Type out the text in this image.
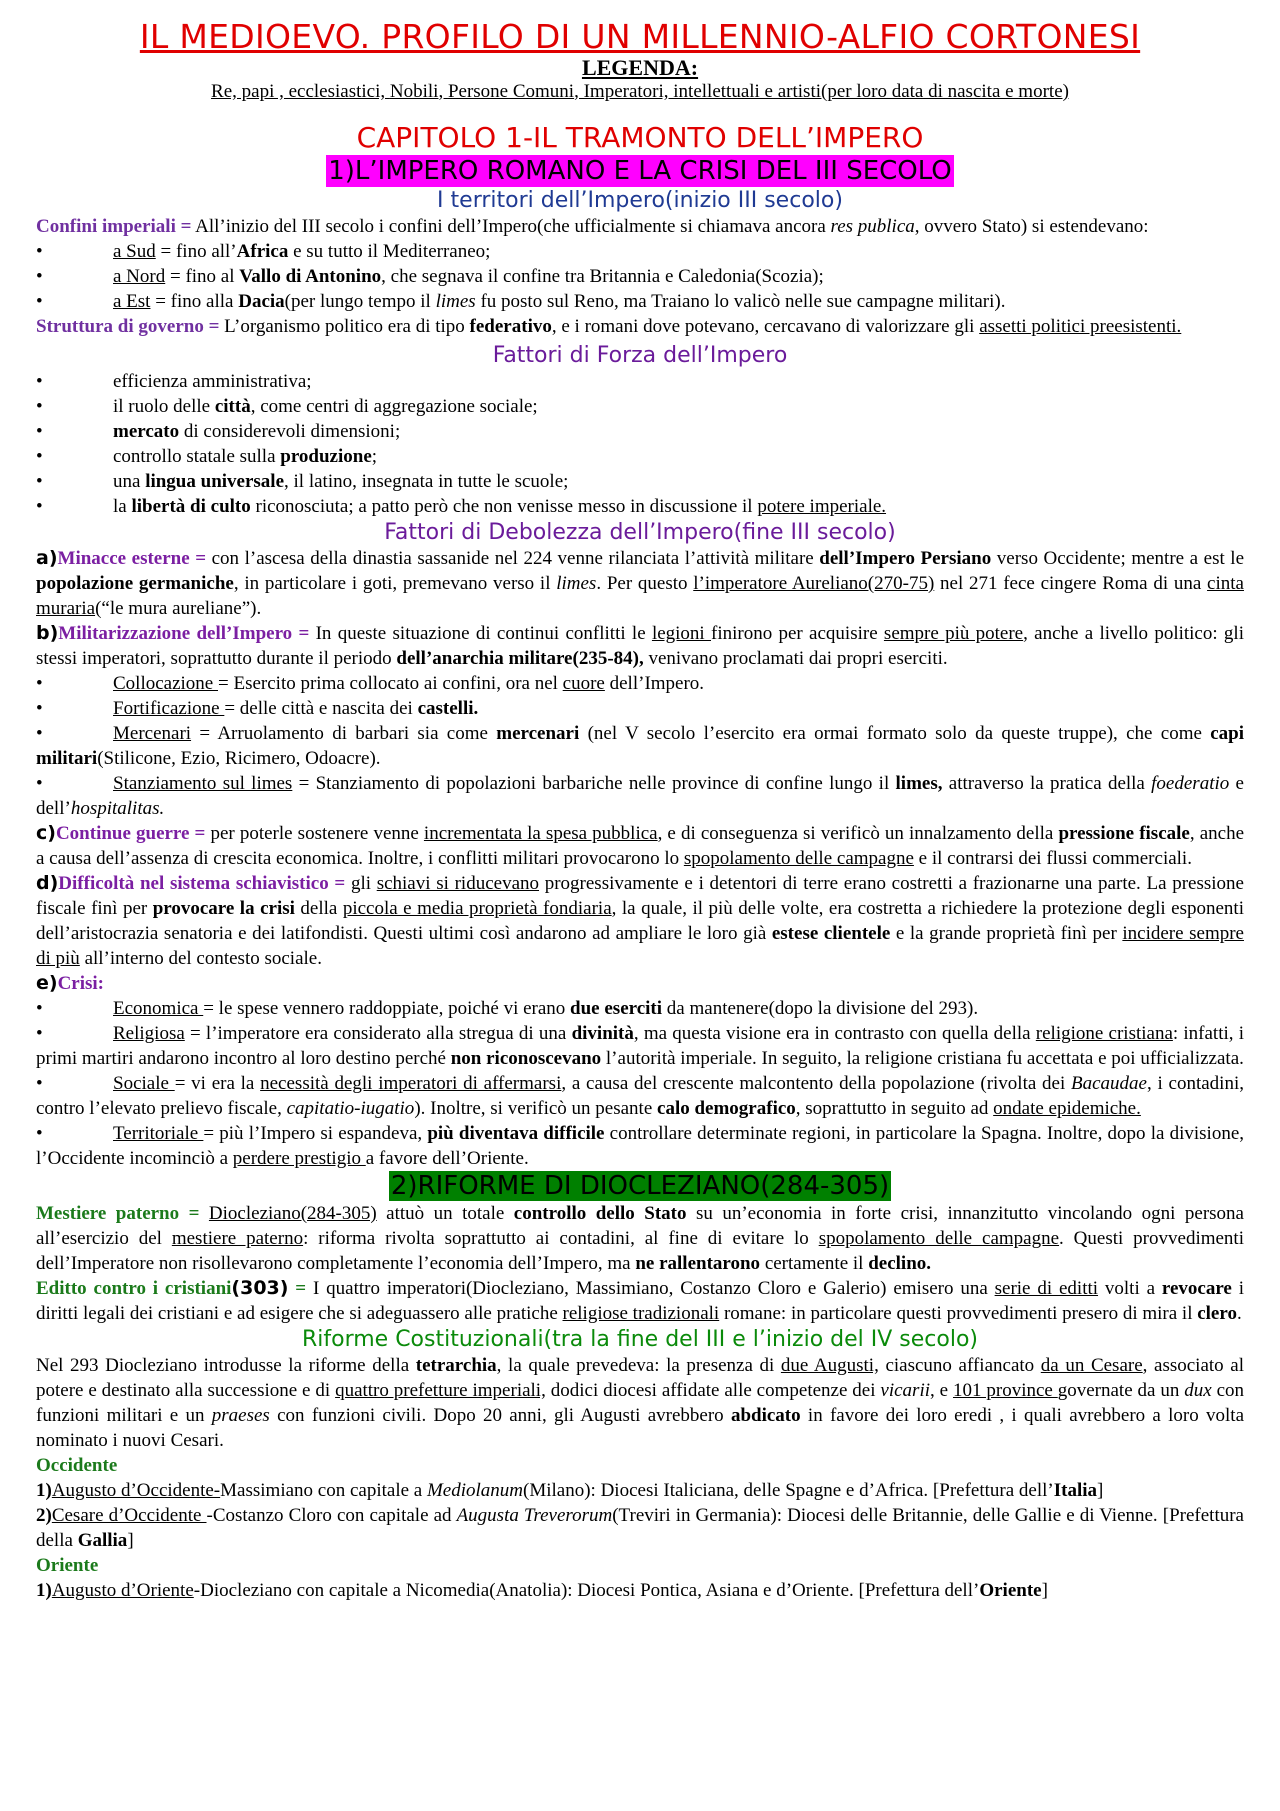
IL MEDIOEVO. PROFILO DI UN MILLENNIO-ALFIO CORTONESI
LEGENDA:
Re, papi , ecclesiastici, Nobili, Persone Comuni, Imperatori, intellettuali e artisti(per loro data di nascita e morte)
CAPITOLO 1-IL TRAMONTO DELL’IMPERO
1)L’IMPERO ROMANO E LA CRISI DEL III SECOLO
I territori dell’Impero(inizio III secolo)

Confini imperiali = All’inizio del III secolo i confini dell’Impero(che ufficialmente si chiamava ancora res publica, ovvero Stato) si estendevano:

•	a Sud = fino all’Africa e su tutto il Mediterraneo;
•	a Nord = fino al Vallo di Antonino, che segnava il confine tra Britannia e Caledonia(Scozia);
•	a Est = fino alla Dacia(per lungo tempo il limes fu posto sul Reno, ma Traiano lo valicò nelle sue campagne militari).

Struttura di governo = L’organismo politico era di tipo federativo, e i romani dove potevano, cercavano di valorizzare gli assetti politici preesistenti.

Fattori di Forza dell’Impero
•	efficienza amministrativa;
•	il ruolo delle città, come centri di aggregazione sociale;
•	mercato di considerevoli dimensioni;
•	controllo statale sulla produzione;
•	una lingua universale, il latino, insegnata in tutte le scuole;
•	la libertà di culto riconosciuta; a patto però che non venisse messo in discussione il potere imperiale.
Fattori di Debolezza dell’Impero(fine III secolo)

a)Minacce esterne = con l’ascesa della dinastia sassanide nel 224 venne rilanciata l’attività militare dell’Impero Persiano verso Occidente; mentre a est le popolazione germaniche, in particolare i goti, premevano verso il limes. Per questo l’imperatore Aureliano(270-75) nel 271 fece cingere Roma di una cinta muraria(“le mura aureliane”).

b)Militarizzazione dell’Impero = In queste situazione di continui conflitti le legioni finirono per acquisire sempre più potere, anche a livello politico: gli stessi imperatori, soprattutto durante il periodo dell’anarchia militare(235-84), venivano proclamati dai propri eserciti.

•	Collocazione = Esercito prima collocato ai confini, ora nel cuore dell’Impero.
•	Fortificazione = delle città e nascita dei castelli.

•	Mercenari = Arruolamento di barbari sia come mercenari (nel V secolo l’esercito era ormai formato solo da queste truppe), che come capi militari(Stilicone, Ezio, Ricimero, Odoacre).

•	Stanziamento sul limes = Stanziamento di popolazioni barbariche nelle province di confine lungo il limes, attraverso la pratica della foederatio e dell’hospitalitas.

c)Continue guerre = per poterle sostenere venne incrementata la spesa pubblica, e di conseguenza si verificò un innalzamento della pressione fiscale, anche a causa dell’assenza di crescita economica. Inoltre, i conflitti militari provocarono lo spopolamento delle campagne e il contrarsi dei flussi commerciali.

d)Difficoltà nel sistema schiavistico = gli schiavi si riducevano progressivamente e i detentori di terre erano costretti a frazionarne una parte. La pressione fiscale finì per provocare la crisi della piccola e media proprietà fondiaria, la quale, il più delle volte, era costretta a richiedere la protezione degli esponenti dell’aristocrazia senatoria e dei latifondisti. Questi ultimi così andarono ad ampliare le loro già estese clientele e la grande proprietà finì per incidere sempre di più all’interno del contesto sociale.

e)Crisi:

•	Economica = le spese vennero raddoppiate, poiché vi erano due eserciti da mantenere(dopo la divisione del 293).

•	Religiosa = l’imperatore era considerato alla stregua di una divinità, ma questa visione era in contrasto con quella della religione cristiana: infatti, i primi martiri andarono incontro al loro destino perché non riconoscevano l’autorità imperiale. In seguito, la religione cristiana fu accettata e poi ufficializzata.

•	Sociale = vi era la necessità degli imperatori di affermarsi, a causa del crescente malcontento della popolazione (rivolta dei Bacaudae, i contadini, contro l’elevato prelievo fiscale, capitatio-iugatio). Inoltre, si verificò un pesante calo demografico, soprattutto in seguito ad ondate epidemiche.

•	Territoriale = più l’Impero si espandeva, più diventava difficile controllare determinate regioni, in particolare la Spagna. Inoltre, dopo la divisione, l’Occidente incominciò a perdere prestigio a favore dell’Oriente.

2)RIFORME DI DIOCLEZIANO(284-305)

Mestiere paterno = Diocleziano(284-305) attuò un totale controllo dello Stato su un’economia in forte crisi, innanzitutto vincolando ogni persona all’esercizio del mestiere paterno: riforma rivolta soprattutto ai contadini, al fine di evitare lo spopolamento delle campagne. Questi provvedimenti dell’Imperatore non risollevarono completamente l’economia dell’Impero, ma ne rallentarono certamente il declino.

Editto contro i cristiani(303) = I quattro imperatori(Diocleziano, Massimiano, Costanzo Cloro e Galerio) emisero una serie di editti volti a revocare i diritti legali dei cristiani e ad esigere che si adeguassero alle pratiche religiose tradizionali romane: in particolare questi provvedimenti presero di mira il clero.

Riforme Costituzionali(tra la fine del III e l’inizio del IV secolo)

Nel 293 Diocleziano introdusse la riforme della tetrarchia, la quale prevedeva: la presenza di due Augusti, ciascuno affiancato da un Cesare, associato al potere e destinato alla successione e di quattro prefetture imperiali, dodici diocesi affidate alle competenze dei vicarii, e 101 province governate da un dux con funzioni militari e un praeses con funzioni civili. Dopo 20 anni, gli Augusti avrebbero abdicato in favore dei loro eredi , i quali avrebbero a loro volta nominato i nuovi Cesari.

Occidente

1)Augusto d’Occidente-Massimiano con capitale a Mediolanum(Milano): Diocesi Italiciana, delle Spagne e d’Africa. [Prefettura dell’Italia]

2)Cesare d’Occidente -Costanzo Cloro con capitale ad Augusta Treverorum(Treviri in Germania): Diocesi delle Britannie, delle Gallie e di Vienne. [Prefettura della Gallia]

Oriente

1)Augusto d’Oriente-Diocleziano con capitale a Nicomedia(Anatolia): Diocesi Pontica, Asiana e d’Oriente. [Prefettura dell’Oriente]
